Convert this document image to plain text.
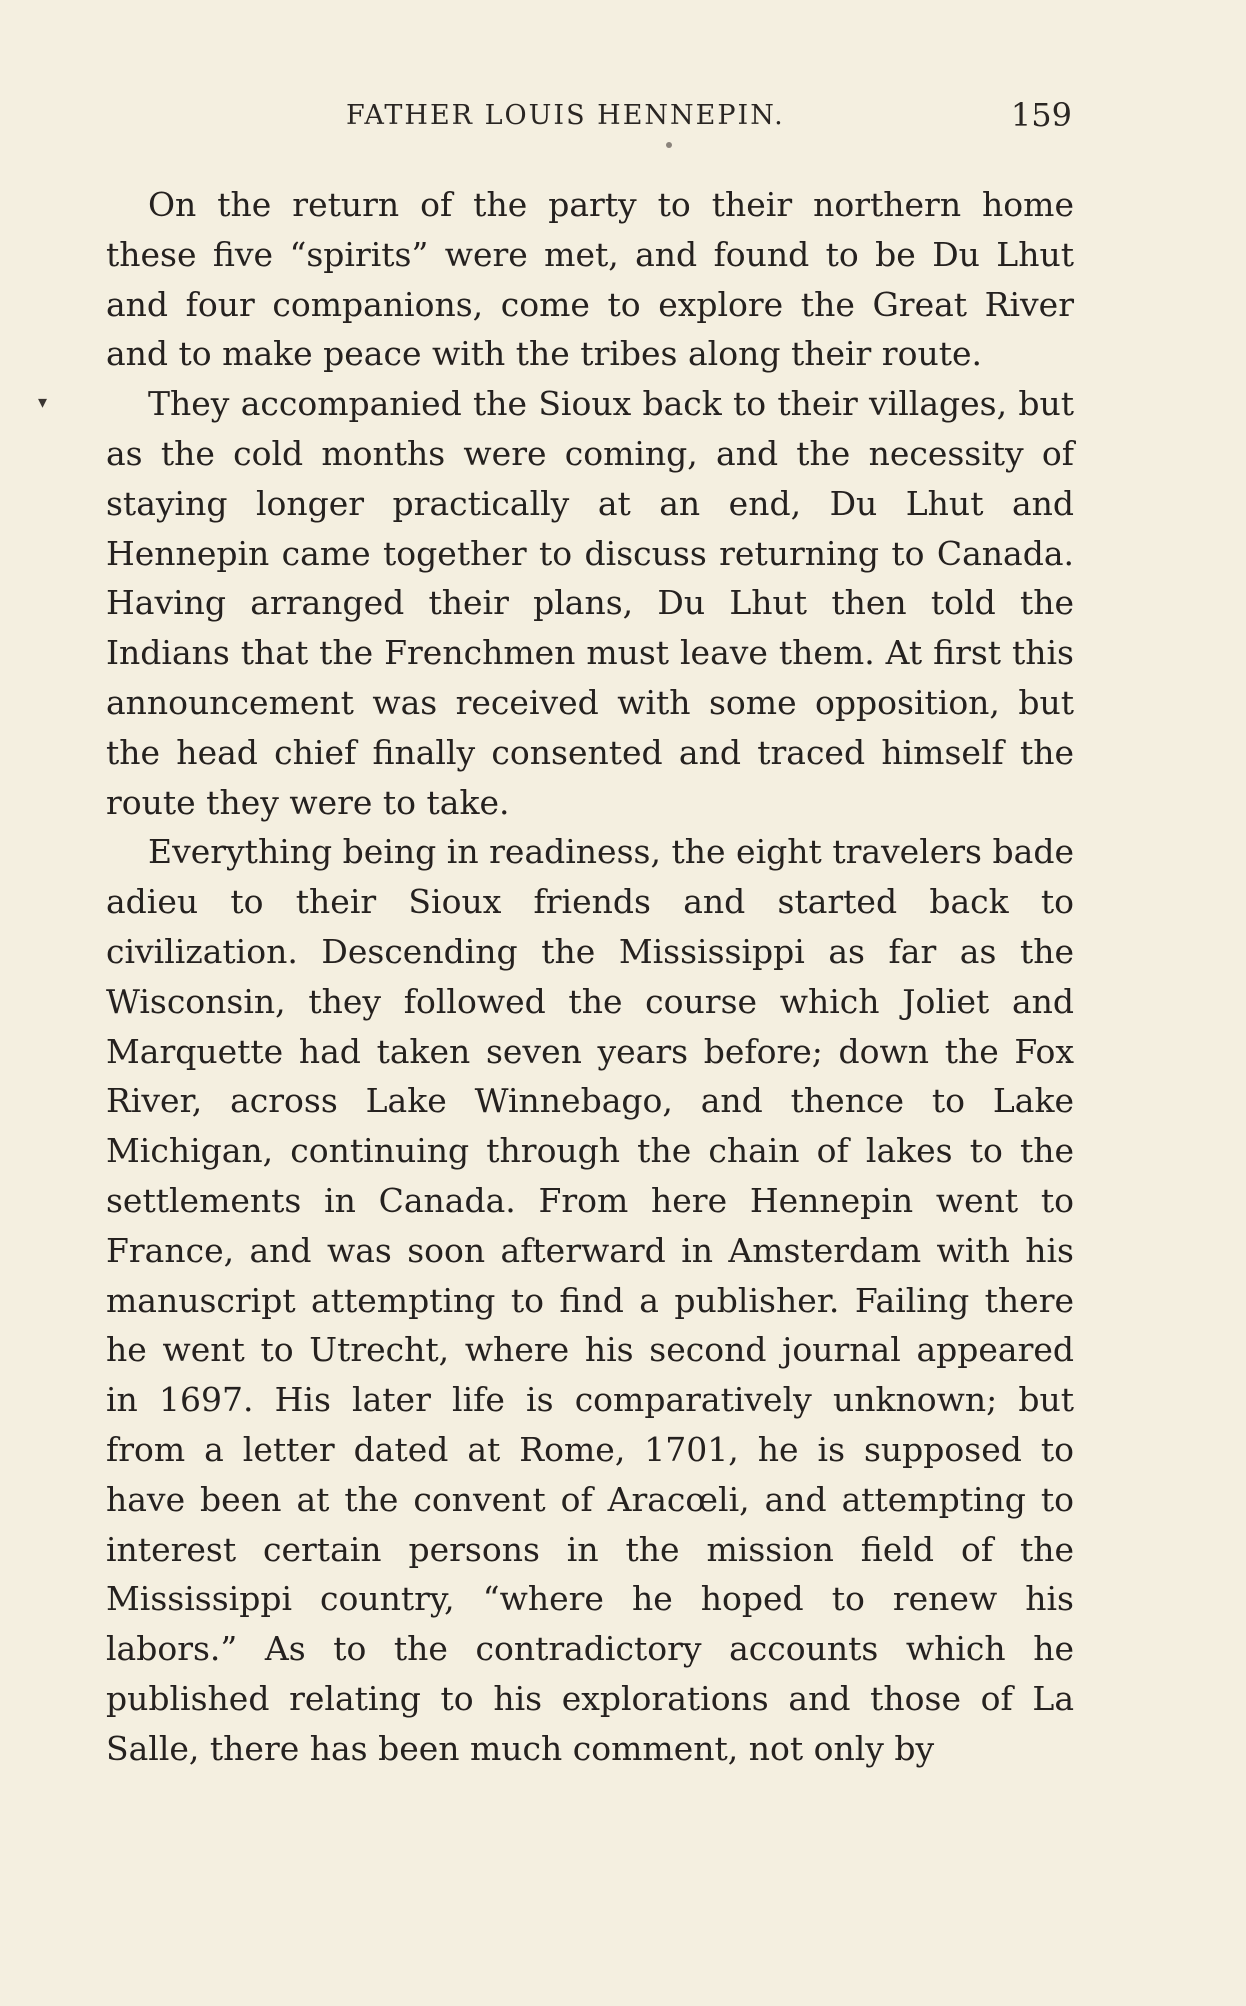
FATHER LOUIS HENNEPIN.	159
▾

On the return of the party to their northern home these five “spirits” were met, and found to be Du Lhut and four companions, come to explore the Great River and to make peace with the tribes along their route.

They accompanied the Sioux back to their villages, but as the cold months were coming, and the necessity of staying longer practically at an end, Du Lhut and Hennepin came together to discuss returning to Canada. Having arranged their plans, Du Lhut then told the Indians that the Frenchmen must leave them. At first this announcement was received with some opposition, but the head chief finally consented and traced himself the route they were to take.

Everything being in readiness, the eight travelers bade adieu to their Sioux friends and started back to civilization. Descending the Mississippi as far as the Wisconsin, they followed the course which Joliet and Marquette had taken seven years before; down the Fox River, across Lake Winnebago, and thence to Lake Michigan, continuing through the chain of lakes to the settlements in Canada. From here Hennepin went to France, and was soon afterward in Amsterdam with his manuscript attempting to find a publisher. Failing there he went to Utrecht, where his second journal appeared in 1697. His later life is comparatively unknown; but from a letter dated at Rome, 1701, he is supposed to have been at the convent of Aracœli, and attempting to interest certain persons in the mission field of the Mississippi country, “where he hoped to renew his labors.” As to the contradictory accounts which he published relating to his explorations and those of La Salle, there has been much comment, not only by
